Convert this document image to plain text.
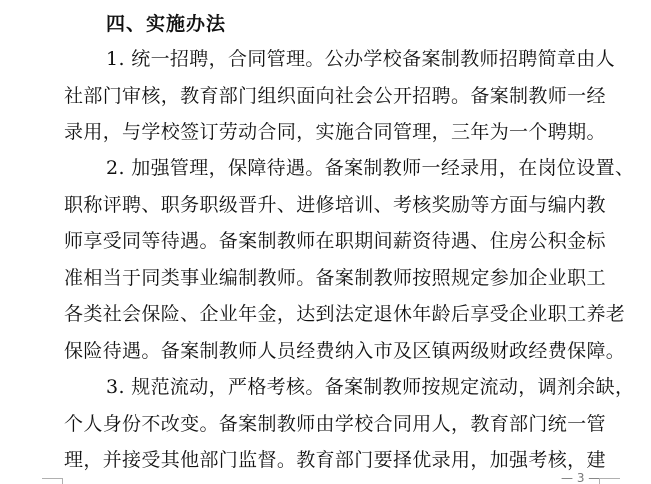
四、实施办法
1. 统一招聘，合同管理。公办学校备案制教师招聘简章由人
社部门审核，教育部门组织面向社会公开招聘。备案制教师一经
录用，与学校签订劳动合同，实施合同管理，三年为一个聘期。
2. 加强管理，保障待遇。备案制教师一经录用，在岗位设置、
职称评聘、职务职级晋升、进修培训、考核奖励等方面与编内教
师享受同等待遇。备案制教师在职期间薪资待遇、住房公积金标
准相当于同类事业编制教师。备案制教师按照规定参加企业职工
各类社会保险、企业年金，达到法定退休年龄后享受企业职工养老
保险待遇。备案制教师人员经费纳入市及区镇两级财政经费保障。
3. 规范流动，严格考核。备案制教师按规定流动，调剂余缺，
个人身份不改变。备案制教师由学校合同用人，教育部门统一管
理，并接受其他部门监督。教育部门要择优录用，加强考核，建
— 3 —
